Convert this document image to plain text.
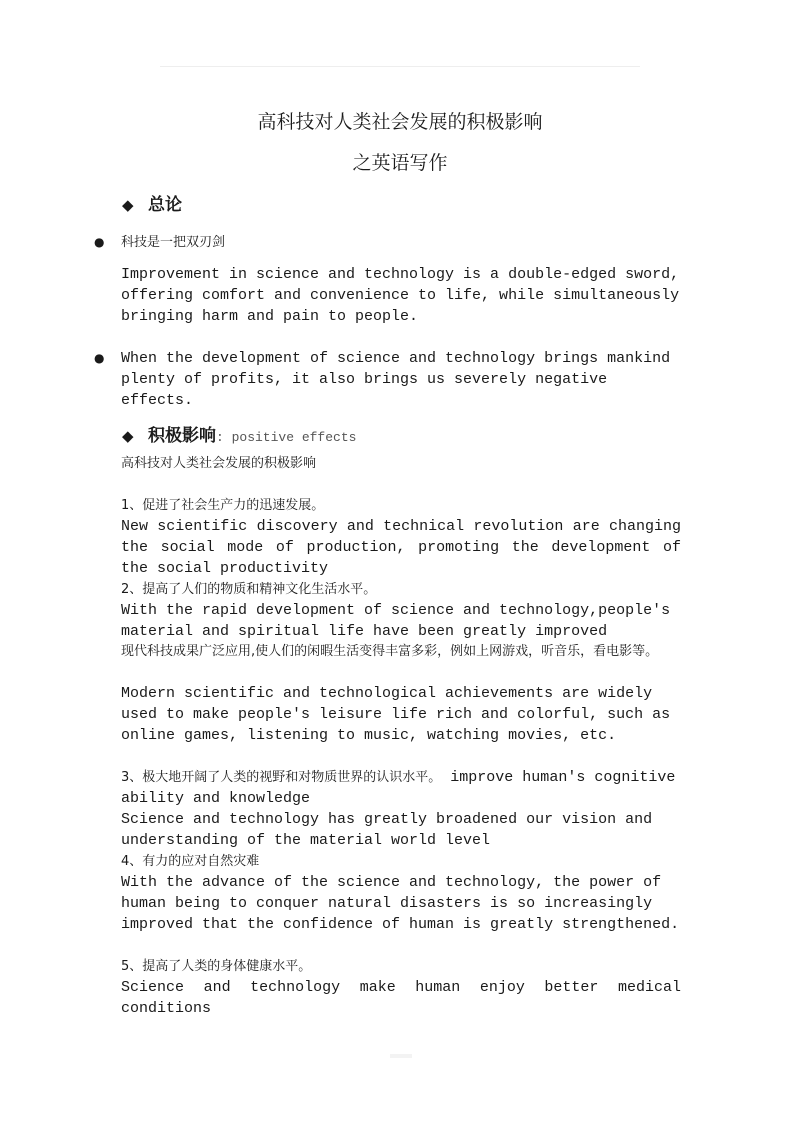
高科技对人类社会发展的积极影响
之英语写作
◆ 总论
● 科技是一把双刃剑
Improvement in science and technology is a double-edged sword, offering comfort and convenience to life, while simultaneously bringing harm and pain to people.
● When the development of science and technology brings mankind plenty of profits, it also brings us severely negative effects.
◆ 积极影响: positive effects
高科技对人类社会发展的积极影响
1、促进了社会生产力的迅速发展。
New scientific discovery and technical revolution are changing the social mode of production, promoting the development of the social productivity
2、提高了人们的物质和精神文化生活水平。
With the rapid development of science and technology,people's material and spiritual life have been greatly improved
现代科技成果广泛应用,使人们的闲暇生活变得丰富多彩，例如上网游戏，听音乐，看电影等。
Modern scientific and technological achievements are widely used to make people's leisure life rich and colorful, such as online games, listening to music, watching movies, etc.
3、极大地开阔了人类的视野和对物质世界的认识水平。 improve human's cognitive ability and knowledge
Science and technology has greatly broadened our vision and understanding of the material world level
4、有力的应对自然灾难
With the advance of the science and technology, the power of human being to conquer natural disasters is so increasingly improved that the confidence of human is greatly strengthened.
5、提高了人类的身体健康水平。
Science and technology make human enjoy better medical conditions
